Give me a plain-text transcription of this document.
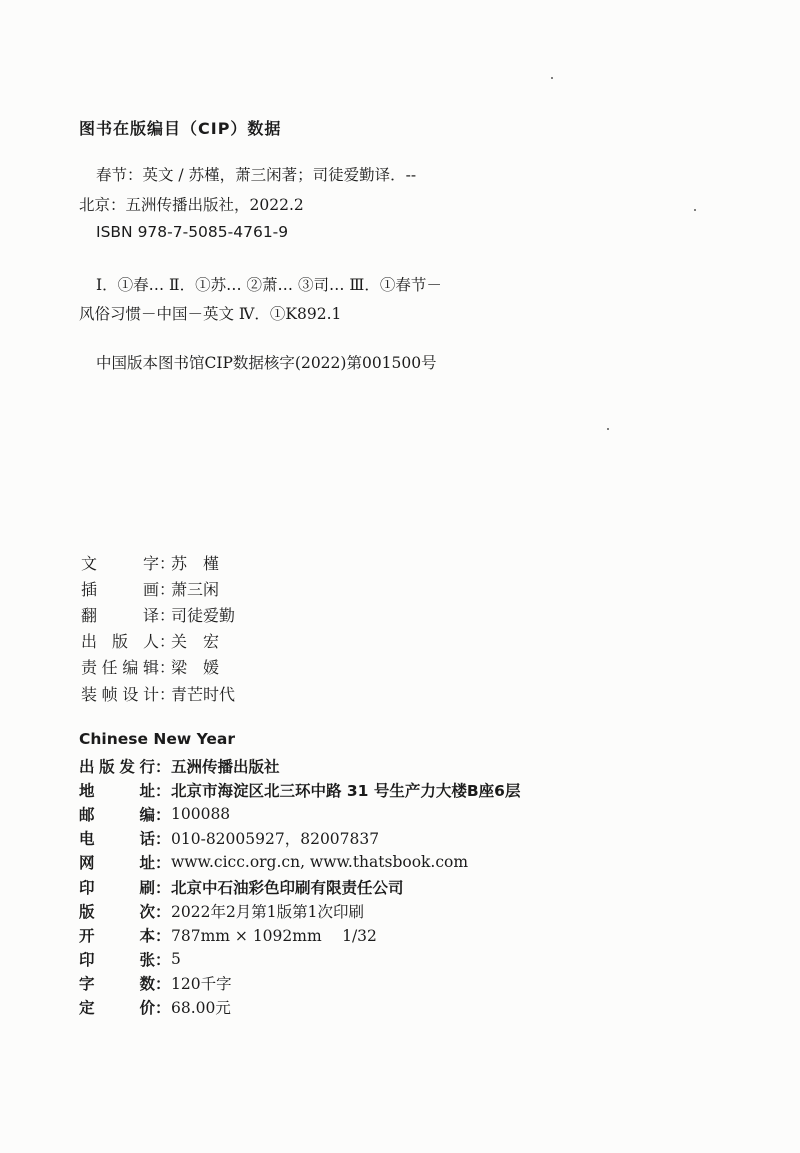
图书在版编目（CIP）数据
春节：英文 / 苏槿，萧三闲著；司徒爱勤译．--
北京：五洲传播出版社，2022.2
ISBN 978-7-5085-4761-9
Ⅰ．①春… Ⅱ．①苏… ②萧… ③司… Ⅲ．①春节－
风俗习惯－中国－英文 Ⅳ．①K892.1
中国版本图书馆CIP数据核字(2022)第001500号
文	字 ：
苏　槿
插	画 ：
萧三闲
翻	译 ：
司徒爱勤
出 版 人 ：
关　宏
责 任 编 辑 ：
梁　媛
装 帧 设 计 ：
青芒时代
Chinese New Year
出 版 发 行 ： 五洲传播出版社
地	址 ： 北京市海淀区北三环中路 31 号生产力大楼B座6层
邮	编 ： 100088
电	话 ： 010-82005927，82007837
网	址 ： www.cicc.org.cn, www.thatsbook.com
印	刷 ： 北京中石油彩色印刷有限责任公司
版	次 ： 2022年2月第1版第1次印刷
开	本 ： 787mm × 1092mm　 1/32
印	张 ： 5
字	数 ： 120千字
定	价 ： 68.00元
